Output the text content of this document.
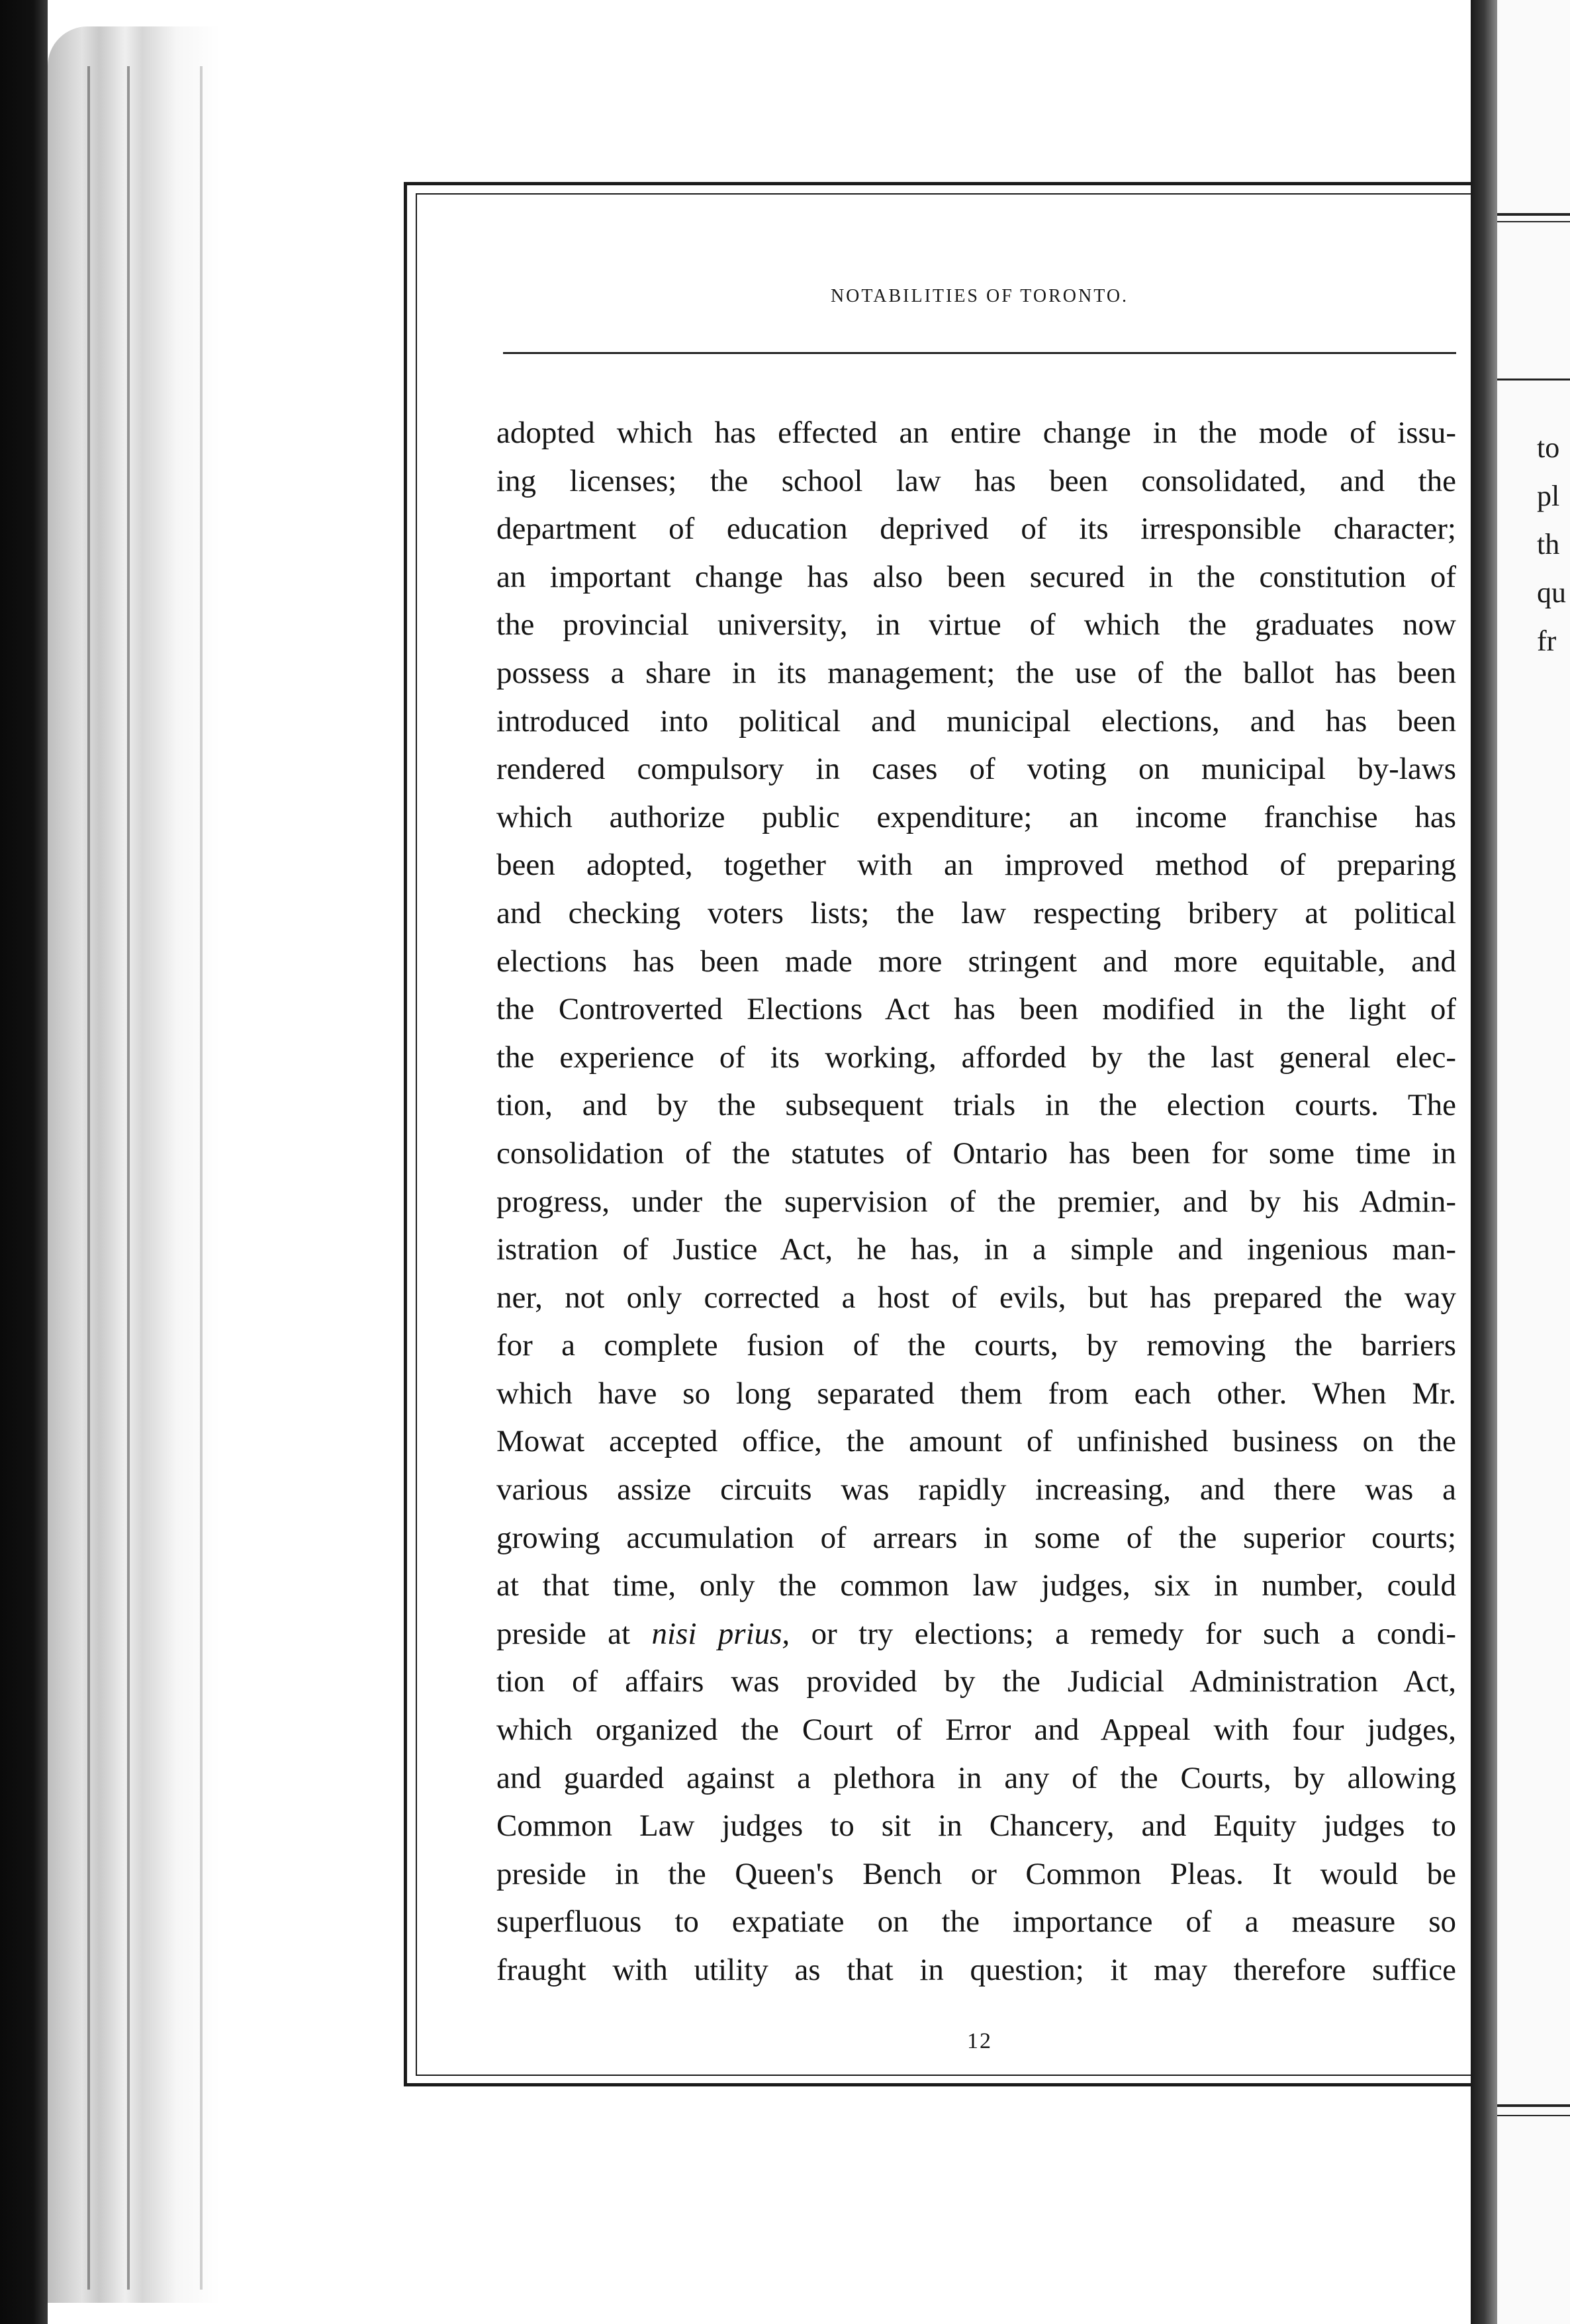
to
pl
th
qu
fr
NOTABILITIES OF TORONTO.
adopted which has effected an entire change in the mode of issu-
ing licenses; the school law has been consolidated, and the
department of education deprived of its irresponsible character;
an important change has also been secured in the constitution of
the provincial university, in virtue of which the graduates now
possess a share in its management; the use of the ballot has been
introduced into political and municipal elections, and has been
rendered compulsory in cases of voting on municipal by-laws
which authorize public expenditure; an income franchise has
been adopted, together with an improved method of preparing
and checking voters lists; the law respecting bribery at political
elections has been made more stringent and more equitable, and
the Controverted Elections Act has been modified in the light of
the experience of its working, afforded by the last general elec-
tion, and by the subsequent trials in the election courts. The
consolidation of the statutes of Ontario has been for some time in
progress, under the supervision of the premier, and by his Admin-
istration of Justice Act, he has, in a simple and ingenious man-
ner, not only corrected a host of evils, but has prepared the way
for a complete fusion of the courts, by removing the barriers
which have so long separated them from each other. When Mr.
Mowat accepted office, the amount of unfinished business on the
various assize circuits was rapidly increasing, and there was a
growing accumulation of arrears in some of the superior courts;
at that time, only the common law judges, six in number, could
preside at nisi prius, or try elections; a remedy for such a condi-
tion of affairs was provided by the Judicial Administration Act,
which organized the Court of Error and Appeal with four judges,
and guarded against a plethora in any of the Courts, by allowing
Common Law judges to sit in Chancery, and Equity judges to
preside in the Queen's Bench or Common Pleas. It would be
superfluous to expatiate on the importance of a measure so
fraught with utility as that in question; it may therefore suffice
12
